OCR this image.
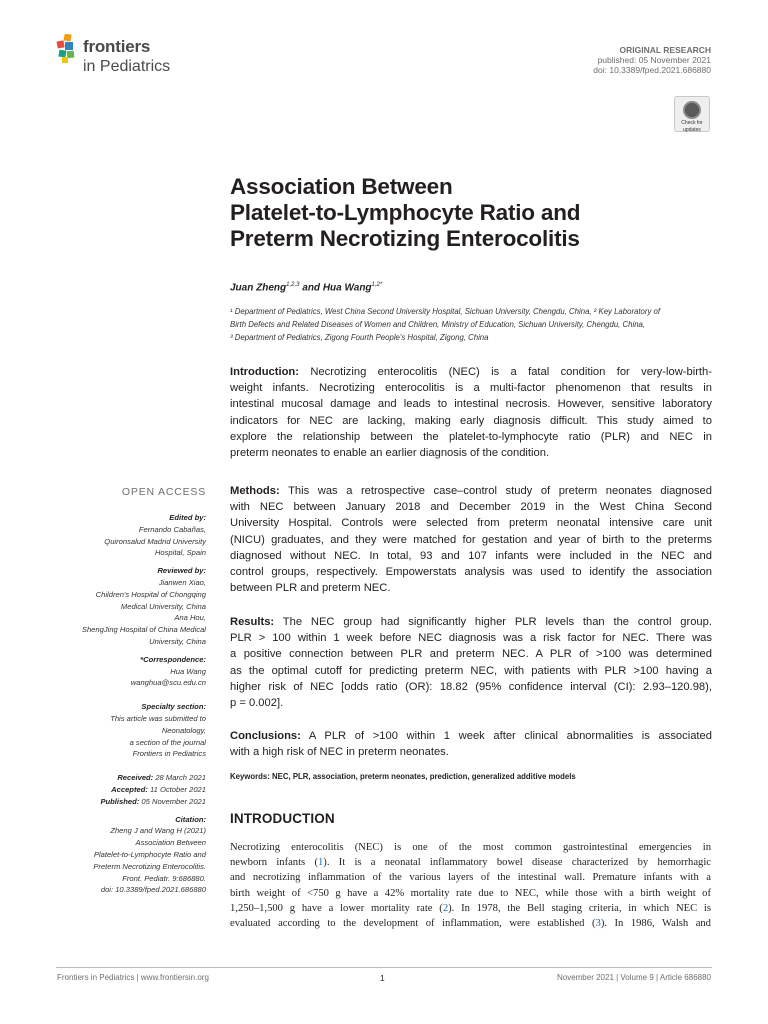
frontiers
in Pediatrics
ORIGINAL RESEARCH
published: 05 November 2021
doi: 10.3389/fped.2021.686880
Check for
updates
Association Between
Platelet-to-Lymphocyte Ratio and
Preterm Necrotizing Enterocolitis
Juan Zheng$^{1,2,3}$ and Hua Wang$^{1,2*}$
¹ Department of Pediatrics, West China Second University Hospital, Sichuan University, Chengdu, China, ² Key Laboratory of
Birth Defects and Related Diseases of Women and Children, Ministry of Education, Sichuan University, Chengdu, China,
³ Department of Pediatrics, Zigong Fourth People's Hospital, Zigong, China
Introduction: Necrotizing enterocolitis (NEC) is a fatal condition for very-low-birth-
weight infants. Necrotizing enterocolitis is a multi-factor phenomenon that results in
intestinal mucosal damage and leads to intestinal necrosis. However, sensitive laboratory
indicators for NEC are lacking, making early diagnosis difficult. This study aimed to
explore the relationship between the platelet-to-lymphocyte ratio (PLR) and NEC in
preterm neonates to enable an earlier diagnosis of the condition.
Methods: This was a retrospective case–control study of preterm neonates diagnosed
with NEC between January 2018 and December 2019 in the West China Second
University Hospital. Controls were selected from preterm neonatal intensive care unit
(NICU) graduates, and they were matched for gestation and year of birth to the preterms
diagnosed without NEC. In total, 93 and 107 infants were included in the NEC and
control groups, respectively. Empowerstats analysis was used to identify the association
between PLR and preterm NEC.
Results: The NEC group had significantly higher PLR levels than the control group.
PLR > 100 within 1 week before NEC diagnosis was a risk factor for NEC. There was
a positive connection between PLR and preterm NEC. A PLR of >100 was determined
as the optimal cutoff for predicting preterm NEC, with patients with PLR >100 having a
higher risk of NEC [odds ratio (OR): 18.82 (95% confidence interval (CI): 2.93–120.98),
p = 0.002].
Conclusions: A PLR of >100 within 1 week after clinical abnormalities is associated
with a high risk of NEC in preterm neonates.
Keywords: NEC, PLR, association, preterm neonates, prediction, generalized additive models
INTRODUCTION
Necrotizing enterocolitis (NEC) is one of the most common gastrointestinal emergencies in
newborn infants (1). It is a neonatal inflammatory bowel disease characterized by hemorrhagic
and necrotizing inflammation of the various layers of the intestinal wall. Premature infants with a
birth weight of <750 g have a 42% mortality rate due to NEC, while those with a birth weight of
1,250–1,500 g have a lower mortality rate (2). In 1978, the Bell staging criteria, in which NEC is
evaluated according to the development of inflammation, were established (3). In 1986, Walsh and
OPEN ACCESS
Edited by:
Fernando Cabañas,
Quironsalud Madrid University
Hospital, Spain
Reviewed by:
Jianwen Xiao,
Children's Hospital of Chongqing
Medical University, China
Ana Hou,
ShengJing Hospital of China Medical
University, China
*Correspondence:
Hua Wang
wanghua@scu.edu.cn
Specialty section:
This article was submitted to
Neonatology,
a section of the journal
Frontiers in Pediatrics
Received: 28 March 2021
Accepted: 11 October 2021
Published: 05 November 2021
Citation:
Zheng J and Wang H (2021)
Association Between
Platelet-to-Lymphocyte Ratio and
Preterm Necrotizing Enterocolitis.
Front. Pediatr. 9:686880.
doi: 10.3389/fped.2021.686880
Frontiers in Pediatrics | www.frontiersin.org	1	November 2021 | Volume 9 | Article 686880
